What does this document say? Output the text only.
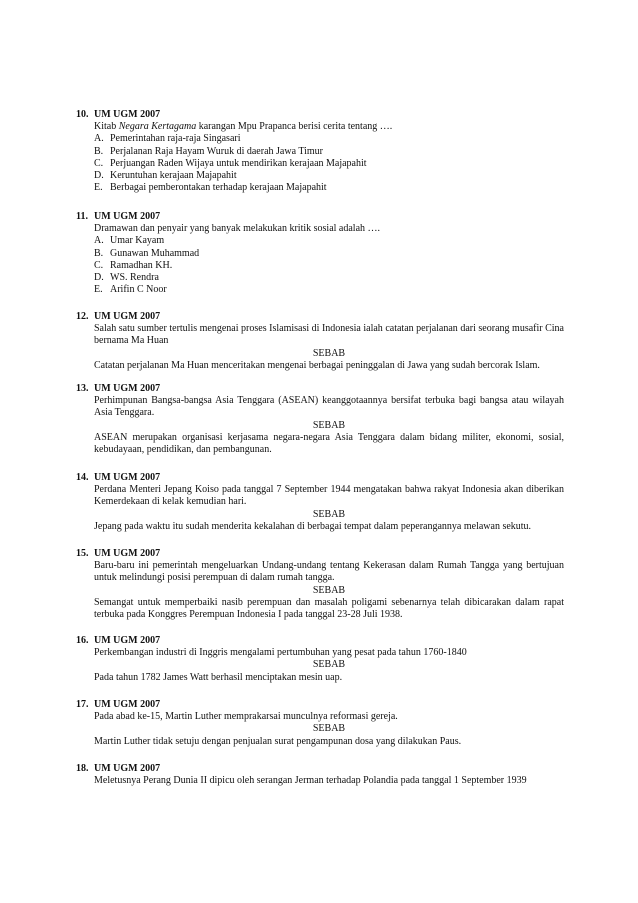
10. UM UGM 2007
Kitab Negara Kertagama karangan Mpu Prapanca berisi cerita tentang ….
A. Pemerintahan raja-raja Singasari
B. Perjalanan Raja Hayam Wuruk di daerah Jawa Timur
C. Perjuangan Raden Wijaya untuk mendirikan kerajaan Majapahit
D. Keruntuhan kerajaan Majapahit
E. Berbagai pemberontakan terhadap kerajaan Majapahit
11. UM UGM 2007
Dramawan dan penyair yang banyak melakukan kritik sosial adalah ….
A. Umar Kayam
B. Gunawan Muhammad
C. Ramadhan KH.
D. WS. Rendra
E. Arifin C Noor
12. UM UGM 2007
Salah satu sumber tertulis mengenai proses Islamisasi di Indonesia ialah catatan perjalanan dari seorang musafir Cina bernama Ma Huan
SEBAB
Catatan perjalanan Ma Huan menceritakan mengenai berbagai peninggalan di Jawa yang sudah bercorak Islam.
13. UM UGM 2007
Perhimpunan Bangsa-bangsa Asia Tenggara (ASEAN) keanggotaannya bersifat terbuka bagi bangsa atau wilayah Asia Tenggara.
SEBAB
ASEAN merupakan organisasi kerjasama negara-negara Asia Tenggara dalam bidang militer, ekonomi, sosial, kebudayaan, pendidikan, dan pembangunan.
14. UM UGM 2007
Perdana Menteri Jepang Koiso pada tanggal 7 September 1944 mengatakan bahwa rakyat Indonesia akan diberikan Kemerdekaan di kelak kemudian hari.
SEBAB
Jepang pada waktu itu sudah menderita kekalahan di berbagai tempat dalam peperangannya melawan sekutu.
15. UM UGM 2007
Baru-baru ini pemerintah mengeluarkan Undang-undang tentang Kekerasan dalam Rumah Tangga yang bertujuan untuk melindungi posisi perempuan di dalam rumah tangga.
SEBAB
Semangat untuk memperbaiki nasib perempuan dan masalah poligami sebenarnya telah dibicarakan dalam rapat terbuka pada Konggres Perempuan Indonesia I pada tanggal 23-28 Juli 1938.
16. UM UGM 2007
Perkembangan industri di Inggris mengalami pertumbuhan yang pesat pada tahun 1760-1840
SEBAB
Pada tahun 1782 James Watt berhasil menciptakan mesin uap.
17. UM UGM 2007
Pada abad ke-15, Martin Luther memprakarsai munculnya reformasi gereja.
SEBAB
Martin Luther tidak setuju dengan penjualan surat pengampunan dosa yang dilakukan Paus.
18. UM UGM 2007
Meletusnya Perang Dunia II dipicu oleh serangan Jerman terhadap Polandia pada tanggal 1 September 1939
